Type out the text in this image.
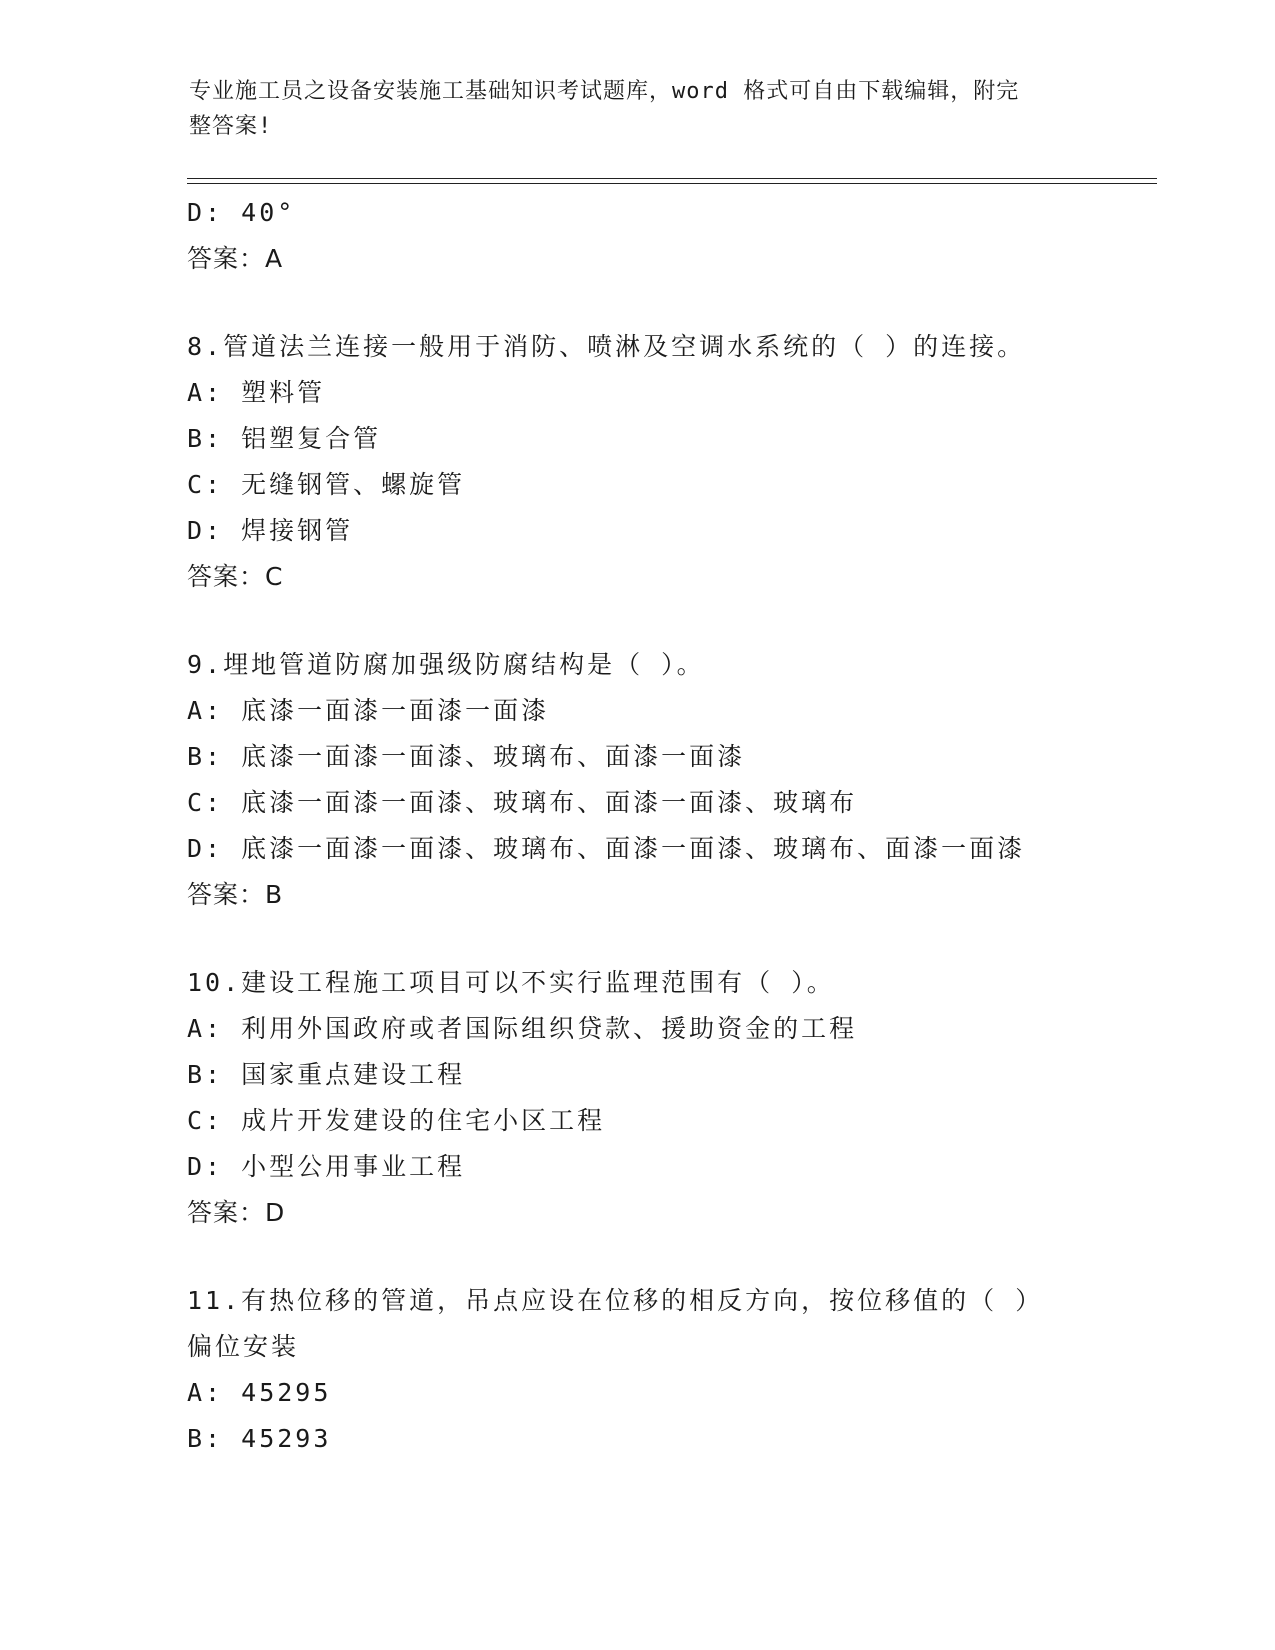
专业施工员之设备安装施工基础知识考试题库，word 格式可自由下载编辑，附完
整答案!
D: 40°
答案：A
8.管道法兰连接一般用于消防、喷淋及空调水系统的（ ）的连接。
A: 塑料管
B: 铝塑复合管
C: 无缝钢管、螺旋管
D: 焊接钢管
答案：C
9.埋地管道防腐加强级防腐结构是（ ）。
A: 底漆一面漆一面漆一面漆
B: 底漆一面漆一面漆、玻璃布、面漆一面漆
C: 底漆一面漆一面漆、玻璃布、面漆一面漆、玻璃布
D: 底漆一面漆一面漆、玻璃布、面漆一面漆、玻璃布、面漆一面漆
答案：B
10.建设工程施工项目可以不实行监理范围有（ ）。
A: 利用外国政府或者国际组织贷款、援助资金的工程
B: 国家重点建设工程
C: 成片开发建设的住宅小区工程
D: 小型公用事业工程
答案：D
11.有热位移的管道，吊点应设在位移的相反方向，按位移值的（ ）
偏位安装
A: 45295
B: 45293
